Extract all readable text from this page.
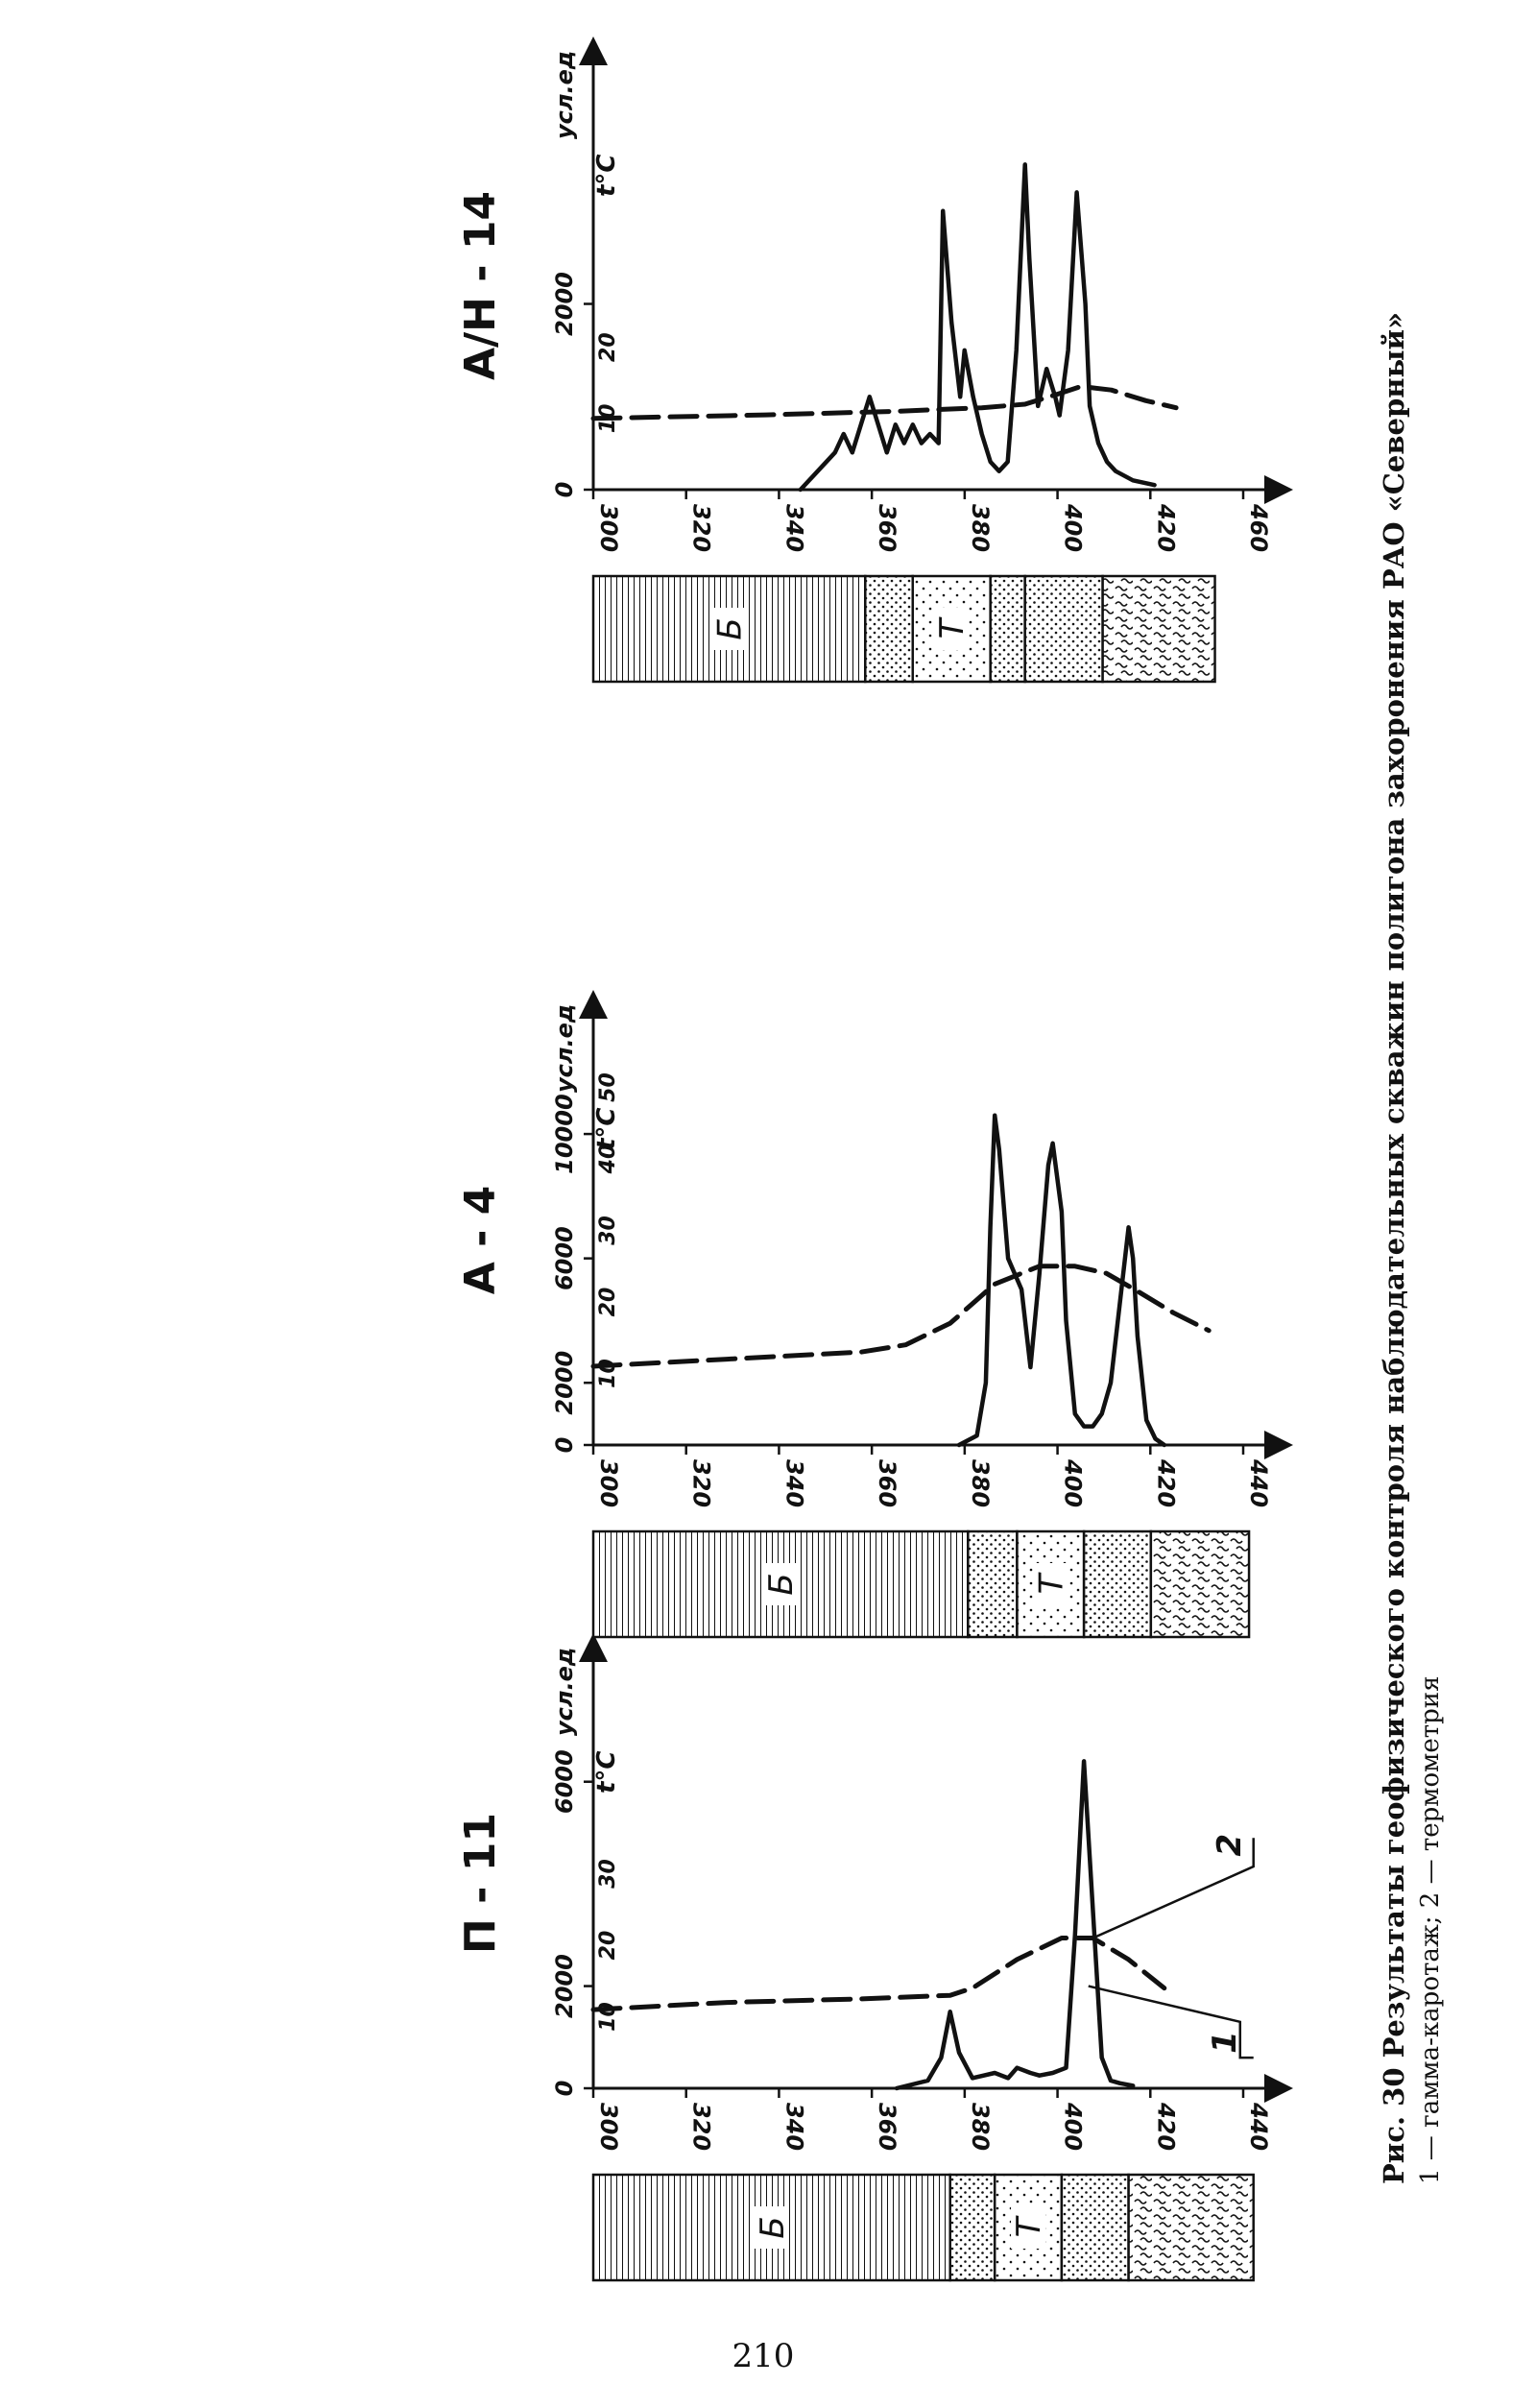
П - 11
300	320	340	360	380	400	420	440
0
2000
6000
10
20
30
усл.ед
t°C
Б	Т
1
2
А - 4
300	320	340	360	380	400	420	440
0
2000
6000
10000
10
20
30
40
50
усл.ед
t°C
Б	Т
А/Н - 14
300	320	340	360	380	400	420	460
0
2000
10
20
усл.ед
t°C
Б	Т	Рис. 30 Результаты геофизического контроля наблюдательных скважин полигона захоронения РАО «Северный» 1 — гамма-каротаж; 2 — термометрия
210
